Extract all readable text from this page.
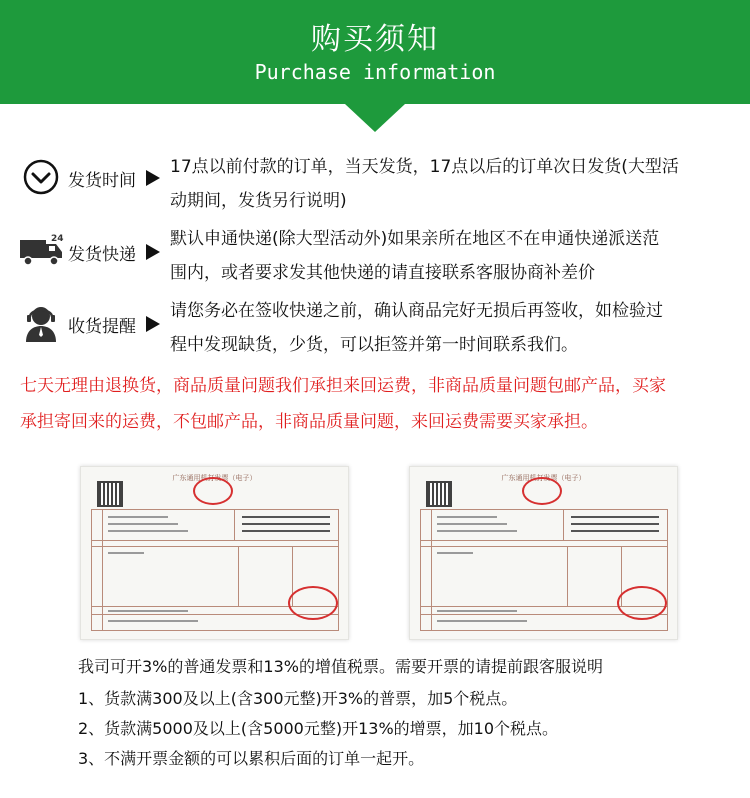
购买须知
Purchase information
发货时间
17点以前付款的订单，当天发货，17点以后的订单次日发货(大型活
动期间，发货另行说明)
24
发货快递
默认申通快递(除大型活动外)如果亲所在地区不在申通快递派送范
围内，或者要求发其他快递的请直接联系客服协商补差价
收货提醒
请您务必在签收快递之前，确认商品完好无损后再签收，如检验过
程中发现缺货，少货，可以拒签并第一时间联系我们。
七天无理由退换货，商品质量问题我们承担来回运费，非商品质量问题包邮产品，买家
承担寄回来的运费，不包邮产品，非商品质量问题，来回运费需要买家承担。
广东通用机打发票（电子）	广东通用机打发票（电子）
我司可开3%的普通发票和13%的增值税票。需要开票的请提前跟客服说明
1、货款满300及以上(含300元整)开3%的普票，加5个税点。
2、货款满5000及以上(含5000元整)开13%的增票，加10个税点。
3、不满开票金额的可以累积后面的订单一起开。
